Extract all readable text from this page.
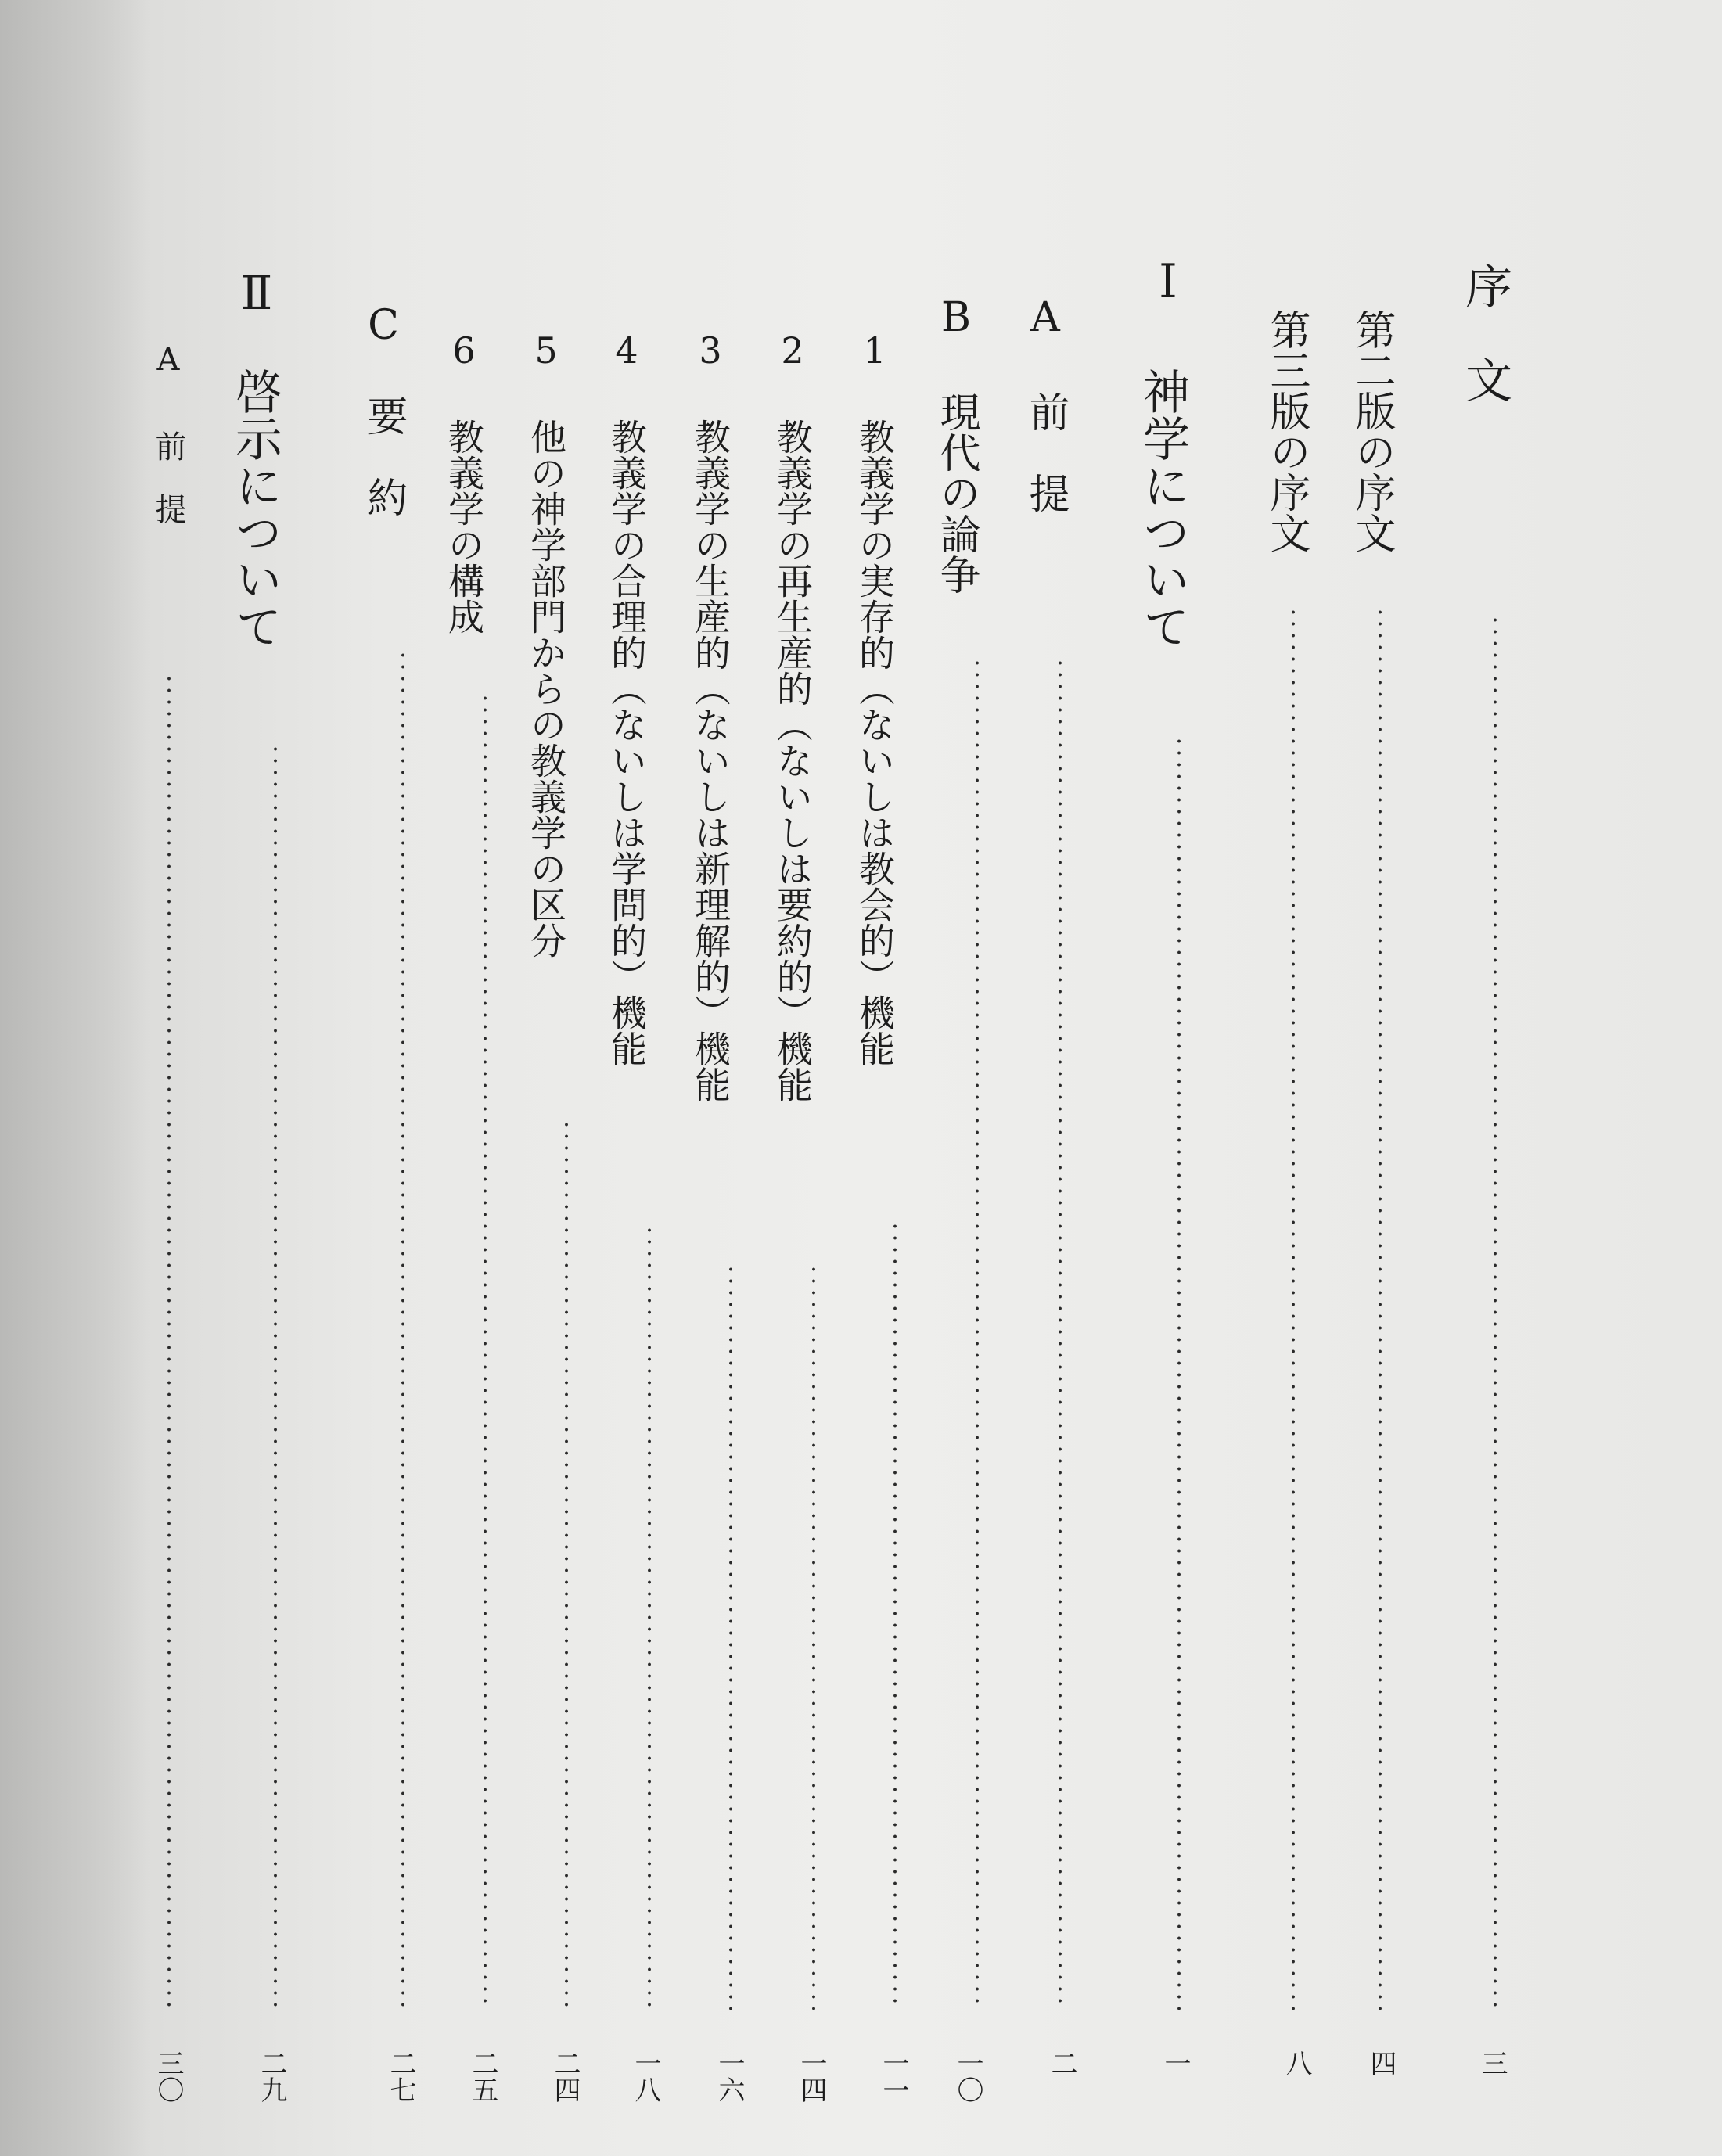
序　文
三
第二版の序文
四
第三版の序文
八
Ⅰ
神学について
一
A
前　提
二
B
現代の論争
一〇
1
教義学の実存的（ないしは教会的）機能
一一
2
教義学の再生産的（ないしは要約的）機能
一四
3
教義学の生産的（ないしは新理解的）機能
一六
4
教義学の合理的（ないしは学問的）機能
一八
5
他の神学部門からの教義学の区分
二四
6
教義学の構成
二五
C
要　約
二七
Ⅱ
啓示について
二九
A
前　提
三〇
